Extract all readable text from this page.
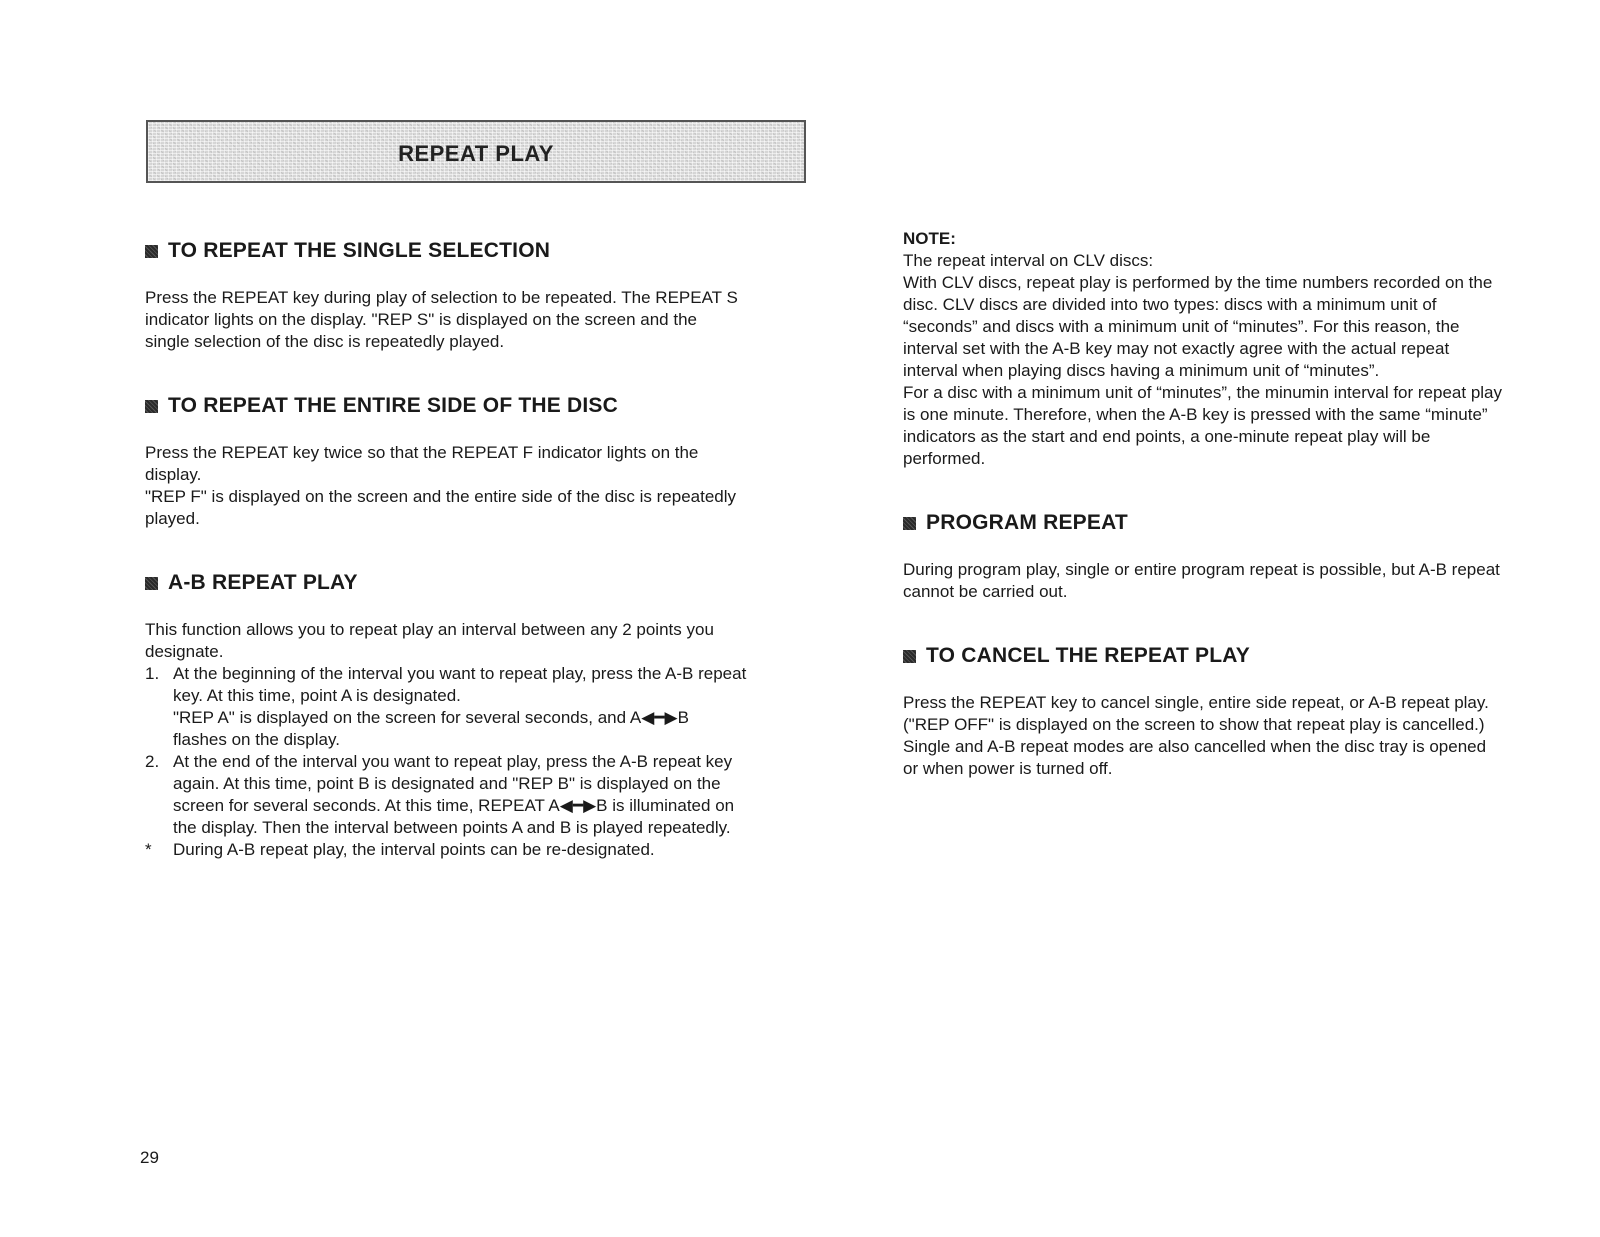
REPEAT PLAY
TO REPEAT THE SINGLE SELECTION

Press the REPEAT key during play of selection to be repeated. The REPEAT S
indicator lights on the display. "REP S" is displayed on the screen and the
single selection of the disc is repeatedly played.

TO REPEAT THE ENTIRE SIDE OF THE DISC

Press the REPEAT key twice so that the REPEAT F indicator lights on the
display.
"REP F" is displayed on the screen and the entire side of the disc is repeatedly
played.

A-B REPEAT PLAY

This function allows you to repeat play an interval between any 2 points you
designate.

1. At the beginning of the interval you want to repeat play, press the A-B repeat
key. At this time, point A is designated.
"REP A" is displayed on the screen for several seconds, and A◀━▶B
flashes on the display.
2. At the end of the interval you want to repeat play, press the A-B repeat key
again. At this time, point B is designated and "REP B" is displayed on the
screen for several seconds. At this time, REPEAT A◀━▶B is illuminated on
the display. Then the interval between points A and B is played repeatedly.
*	During A-B repeat play, the interval points can be re-designated.

NOTE:

The repeat interval on CLV discs:
With CLV discs, repeat play is performed by the time numbers recorded on the
disc. CLV discs are divided into two types: discs with a minimum unit of
“seconds” and discs with a minimum unit of “minutes”. For this reason, the
interval set with the A-B key may not exactly agree with the actual repeat
interval when playing discs having a minimum unit of “minutes”.
For a disc with a minimum unit of “minutes”, the minumin interval for repeat play
is one minute. Therefore, when the A-B key is pressed with the same “minute”
indicators as the start and end points, a one-minute repeat play will be
performed.

PROGRAM REPEAT

During program play, single or entire program repeat is possible, but A-B repeat
cannot be carried out.

TO CANCEL THE REPEAT PLAY

Press the REPEAT key to cancel single, entire side repeat, or A-B repeat play.
("REP OFF" is displayed on the screen to show that repeat play is cancelled.)
Single and A-B repeat modes are also cancelled when the disc tray is opened
or when power is turned off.

29
